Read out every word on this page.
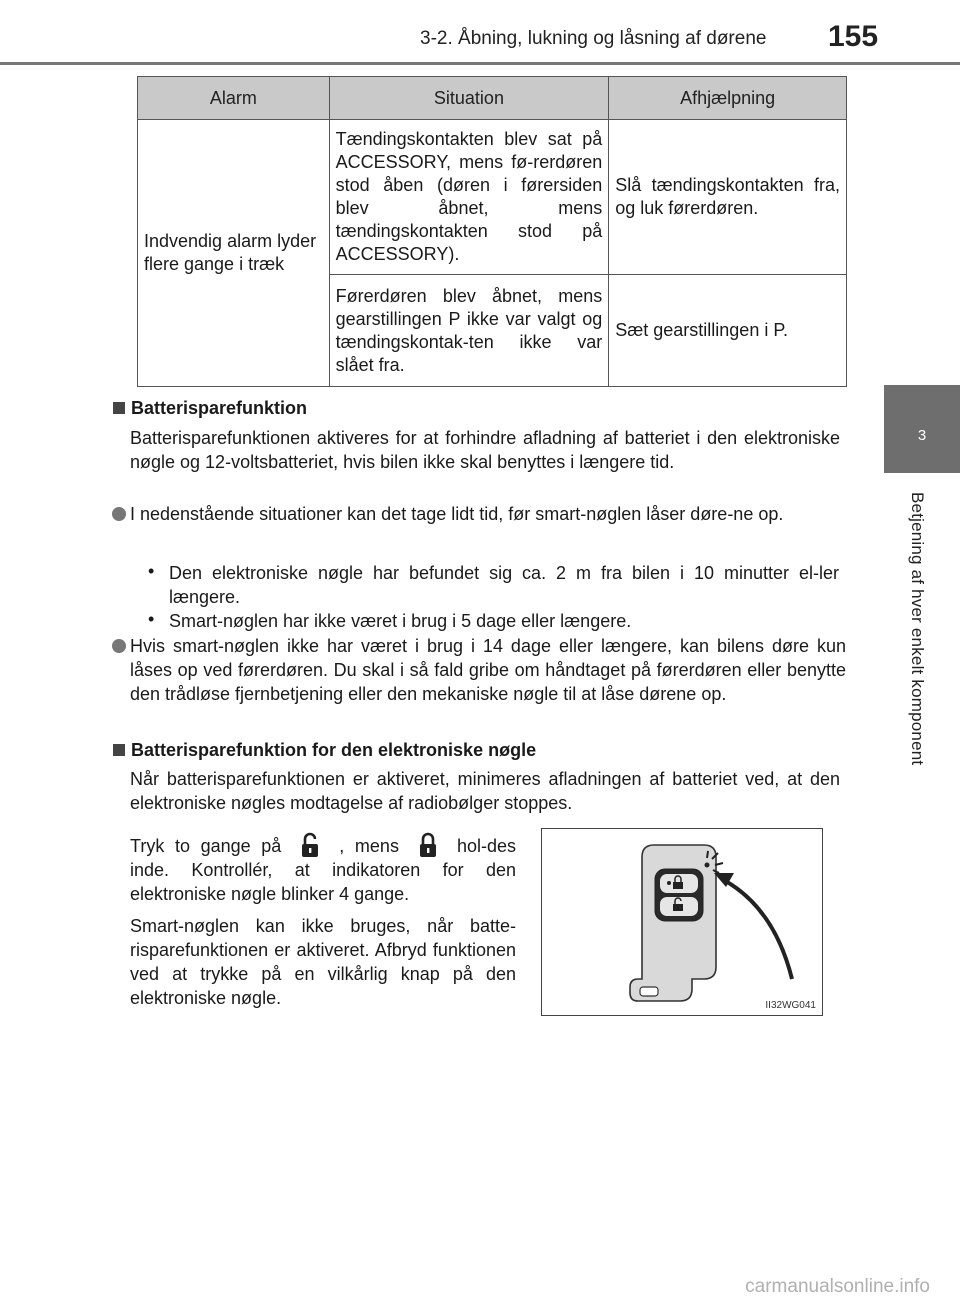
3-2. Åbning, lukning og låsning af dørene 155
3
Betjening af hver enkelt komponent
Alarm	Situation	Afhjælpning
Indvendig alarm lyder flere gange i træk	Tændingskontakten blev sat på ACCESSORY, mens fø-rerdøren stod åben (døren i førersiden blev åbnet, mens tændingskontakten stod på ACCESSORY).	Slå tændingskontakten fra, og luk førerdøren.
	Førerdøren blev åbnet, mens gearstillingen P ikke var valgt og tændingskontak-ten ikke var slået fra.	Sæt gearstillingen i P.
Batterisparefunktion
Batterisparefunktionen aktiveres for at forhindre afladning af batteriet i den elektroniske nøgle og 12-voltsbatteriet, hvis bilen ikke skal benyttes i længere tid.
I nedenstående situationer kan det tage lidt tid, før smart-nøglen låser døre-ne op.
• Den elektroniske nøgle har befundet sig ca. 2 m fra bilen i 10 minutter el-ler længere.
• Smart-nøglen har ikke været i brug i 5 dage eller længere.
Hvis smart-nøglen ikke har været i brug i 14 dage eller længere, kan bilens døre kun låses op ved førerdøren. Du skal i så fald gribe om håndtaget på førerdøren eller benytte den trådløse fjernbetjening eller den mekaniske nøgle til at låse dørene op.
Batterisparefunktion for den elektroniske nøgle
Når batterisparefunktionen er aktiveret, minimeres afladningen af batteriet ved, at den elektroniske nøgles modtagelse af radiobølger stoppes.
Tryk to gange på	, mens	hol-des inde. Kontrollér, at indikatoren for den elektroniske nøgle blinker 4 gange.
Smart-nøglen kan ikke bruges, når batte-risparefunktionen er aktiveret. Afbryd funktionen ved at trykke på en vilkårlig knap på den elektroniske nøgle.	II32WG041
carmanualsonline.info
